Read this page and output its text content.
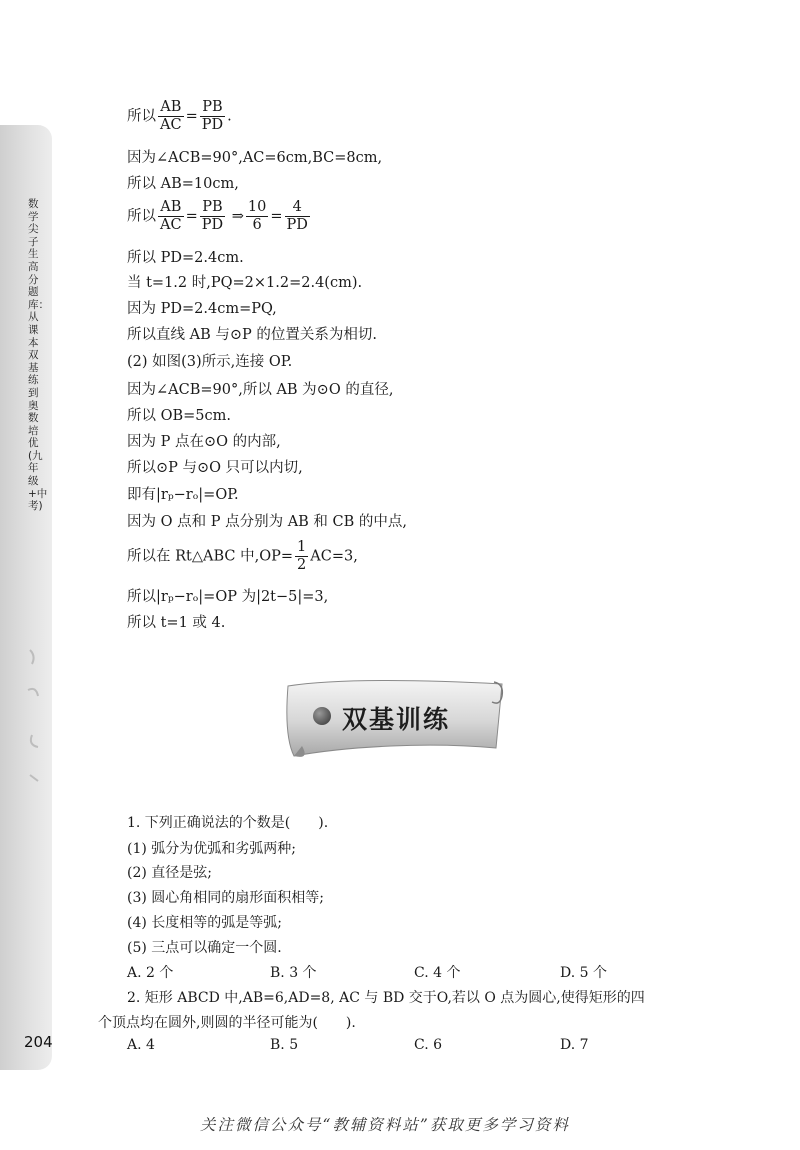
数学尖子生高分题库：从课本双基练到奥数培优(九年级+中考)
204
所以 $\frac{AB}{AC} = \frac{PB}{PD}$ .
因为∠ACB=90°,AC=6cm,BC=8cm,
所以 AB=10cm,
所以 $\frac{AB}{AC} = \frac{PB}{PD}$ ⇒ $\frac{10}{6} = \frac{4}{PD}$
所以 PD=2.4cm.
当 t=1.2 时,PQ=2×1.2=2.4(cm).
因为 PD=2.4cm=PQ,
所以直线 AB 与⊙P 的位置关系为相切.
(2) 如图(3)所示,连接 OP.
因为∠ACB=90°,所以 AB 为⊙O 的直径,
所以 OB=5cm.
因为 P 点在⊙O 的内部,
所以⊙P 与⊙O 只可以内切,
即有|rₚ−rₒ|=OP.
因为 O 点和 P 点分别为 AB 和 CB 的中点,
所以在 Rt△ABC 中$,OP= \frac{1}{2} AC=3$,
所以|rₚ−rₒ|=OP 为|2t−5|=3,
所以 t=1 或 4.
双基训练
1. 下列正确说法的个数是(　　).
(1) 弧分为优弧和劣弧两种;
(2) 直径是弦;
(3) 圆心角相同的扇形面积相等;
(4) 长度相等的弧是等弧;
(5) 三点可以确定一个圆.
A. 2 个	B. 3 个	C. 4 个	D. 5 个
2. 矩形 ABCD 中,AB=6,AD=8, AC 与 BD 交于O,若以 O 点为圆心,使得矩形的四
个顶点均在圆外,则圆的半径可能为(　　).
A. 4	B. 5	C. 6	D. 7
关注微信公众号“教辅资料站”获取更多学习资料
